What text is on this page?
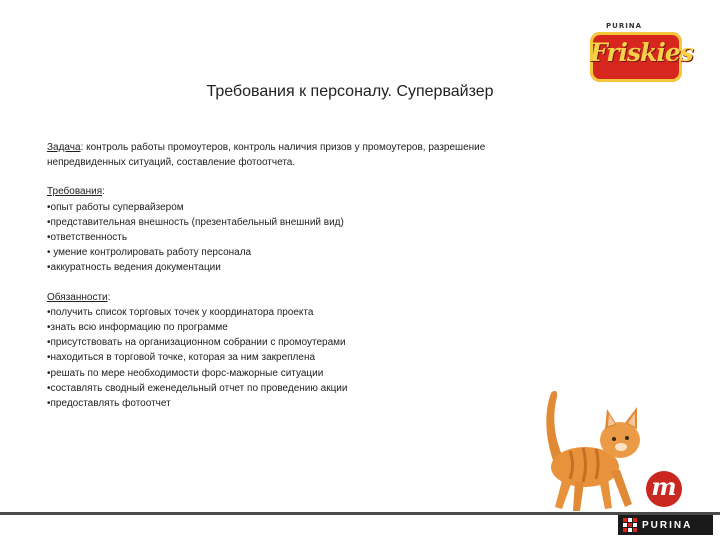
PURINA
Friskies
Требования к персоналу. Супервайзер

Задача: контроль работы промоутеров, контроль наличия призов у промоутеров, разрешение
непредвиденных ситуаций, составление фотоотчета.

Требования:

•опыт работы супервайзером
•представительная внешность (презентабельный внешний вид)
•ответственность
• умение контролировать работу персонала
•аккуратность ведения документации

Обязанности:

•получить список торговых точек у координатора проекта
•знать всю информацию по программе
•присутствовать на организационном собрании с промоутерами
•находиться в торговой точке, которая за ним закреплена
•решать по мере необходимости форс-мажорные ситуации
•составлять сводный еженедельный отчет по проведению акции
•предоставлять фотоотчет
m
PURINA
